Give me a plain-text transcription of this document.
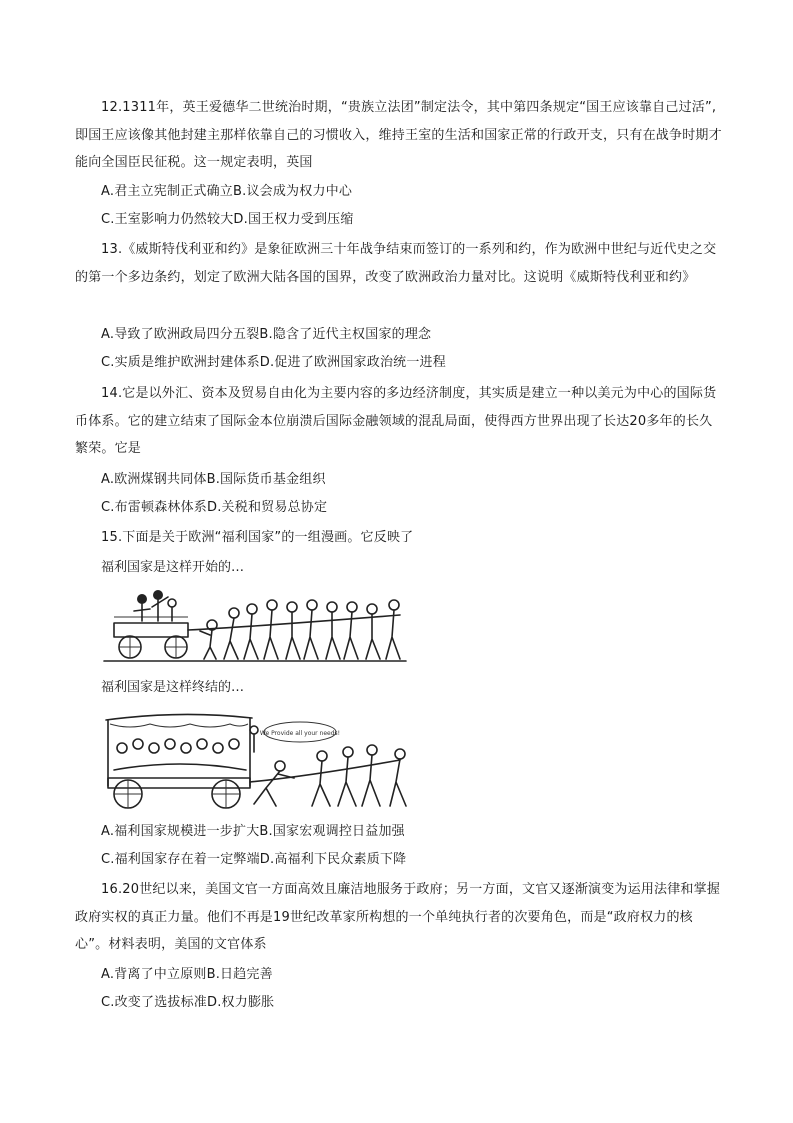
12.1311年，英王爱德华二世统治时期，“贵族立法团”制定法令，其中第四条规定“国王应该靠自己过活”,即国王应该像其他封建主那样依靠自己的习惯收入，维持王室的生活和国家正常的行政开支，只有在战争时期才能向全国臣民征税。这一规定表明，英国

A.君主立宪制正式确立B.议会成为权力中心

C.王室影响力仍然较大D.国王权力受到压缩

13.《威斯特伐利亚和约》是象征欧洲三十年战争结束而签订的一系列和约，作为欧洲中世纪与近代史之交的第一个多边条约，划定了欧洲大陆各国的国界，改变了欧洲政治力量对比。这说明《威斯特伐利亚和约》

A.导致了欧洲政局四分五裂B.隐含了近代主权国家的理念

C.实质是维护欧洲封建体系D.促进了欧洲国家政治统一进程

14.它是以外汇、资本及贸易自由化为主要内容的多边经济制度，其实质是建立一种以美元为中心的国际货币体系。它的建立结束了国际金本位崩溃后国际金融领域的混乱局面，使得西方世界出现了长达20多年的长久繁荣。它是

A.欧洲煤钢共同体B.国际货币基金组织

C.布雷顿森林体系D.关税和贸易总协定

15.下面是关于欧洲“福利国家”的一组漫画。它反映了

福利国家是这样开始的…

福利国家是这样终结的…

We Provide all your needs!

A.福利国家规模进一步扩大B.国家宏观调控日益加强

C.福利国家存在着一定弊端D.高福利下民众素质下降

16.20世纪以来，美国文官一方面高效且廉洁地服务于政府；另一方面，文官又逐渐演变为运用法律和掌握政府实权的真正力量。他们不再是19世纪改革家所构想的一个单纯执行者的次要角色，而是“政府权力的核心”。材料表明，美国的文官体系

A.背离了中立原则B.日趋完善

C.改变了选拔标准D.权力膨胀
